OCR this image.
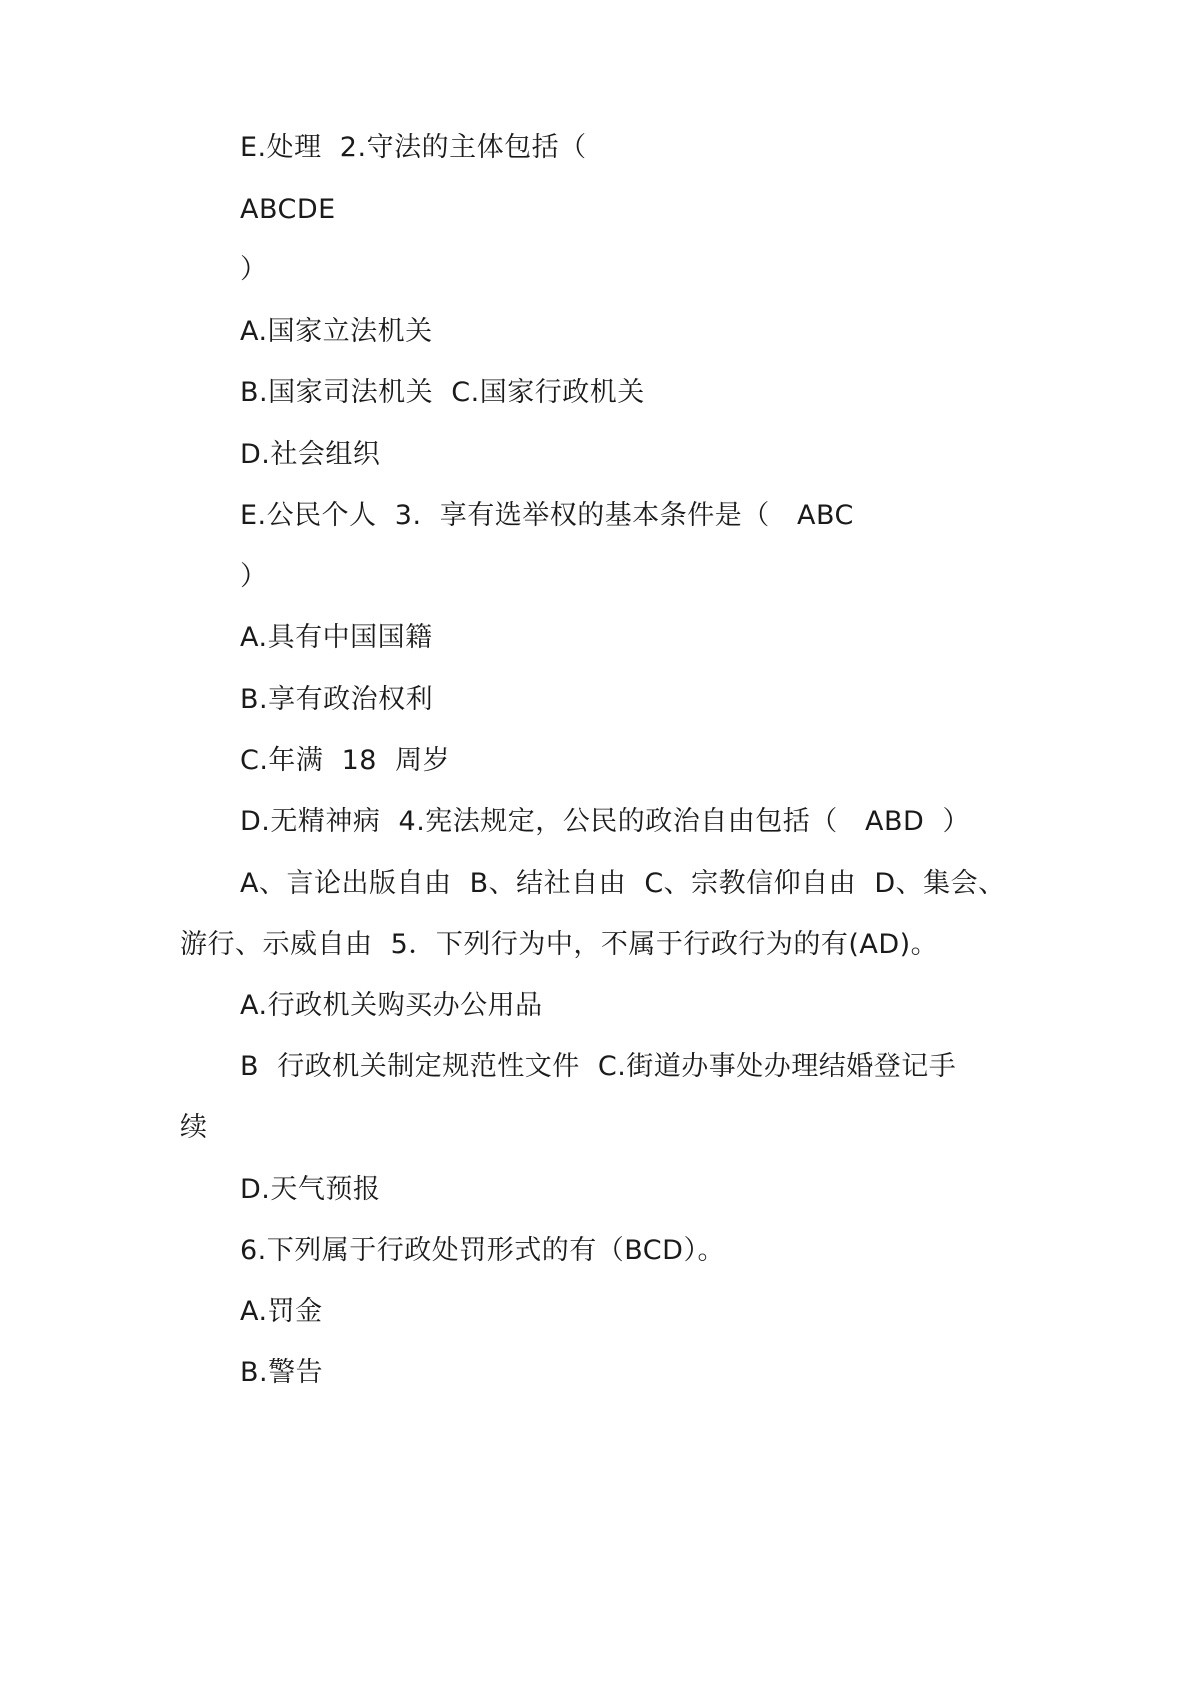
E.处理  2.守法的主体包括（
ABCDE
）
A.国家立法机关
B.国家司法机关  C.国家行政机关
D.社会组织
E.公民个人  3.  享有选举权的基本条件是（   ABC
）
A.具有中国国籍
B.享有政治权利
C.年满  18  周岁
D.无精神病  4.宪法规定，公民的政治自由包括（   ABD  ）
A、言论出版自由  B、结社自由  C、宗教信仰自由  D、集会、
游行、示威自由  5．下列行为中，不属于行政行为的有(AD)。
A.行政机关购买办公用品
B  行政机关制定规范性文件  C.街道办事处办理结婚登记手
续
D.天气预报
6.下列属于行政处罚形式的有（BCD）。
A.罚金
B.警告
